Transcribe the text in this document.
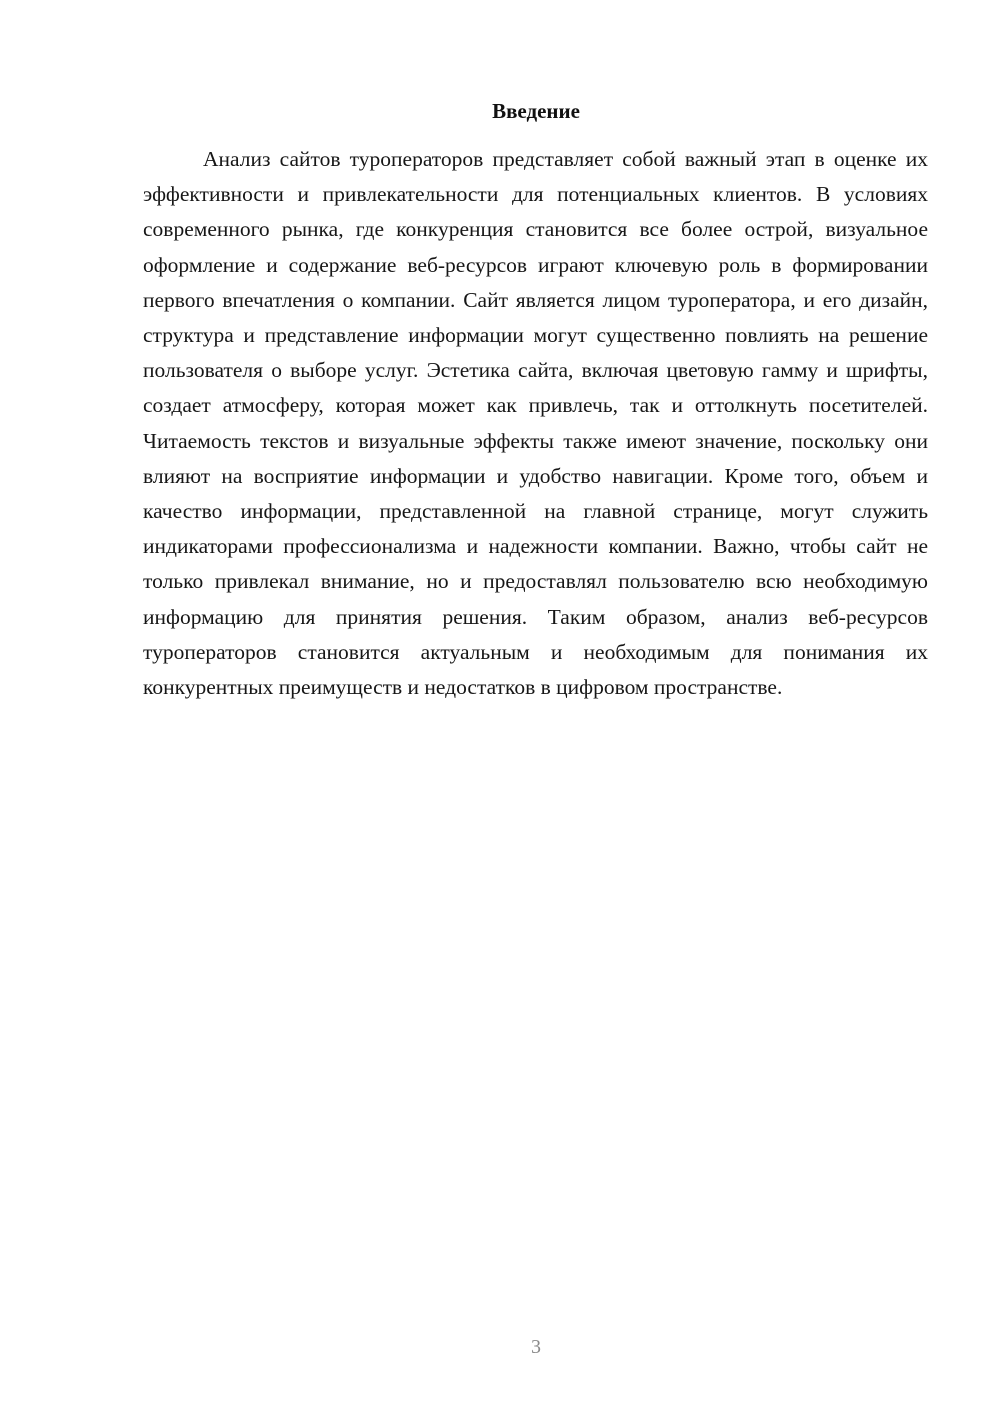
Введение

Анализ сайтов туроператоров представляет собой важный этап в оценке их эффективности и привлекательности для потенциальных клиентов. В условиях современного рынка, где конкуренция становится все более острой, визуальное оформление и содержание веб-ресурсов играют ключевую роль в формировании первого впечатления о компании. Сайт является лицом туроператора, и его дизайн, структура и представление информации могут существенно повлиять на решение пользователя о выборе услуг. Эстетика сайта, включая цветовую гамму и шрифты, создает атмосферу, которая может как привлечь, так и оттолкнуть посетителей. Читаемость текстов и визуальные эффекты также имеют значение, поскольку они влияют на восприятие информации и удобство навигации. Кроме того, объем и качество информации, представленной на главной странице, могут служить индикаторами профессионализма и надежности компании. Важно, чтобы сайт не только привлекал внимание, но и предоставлял пользователю всю необходимую информацию для принятия решения. Таким образом, анализ веб-ресурсов туроператоров становится актуальным и необходимым для понимания их конкурентных преимуществ и недостатков в цифровом пространстве.

3
